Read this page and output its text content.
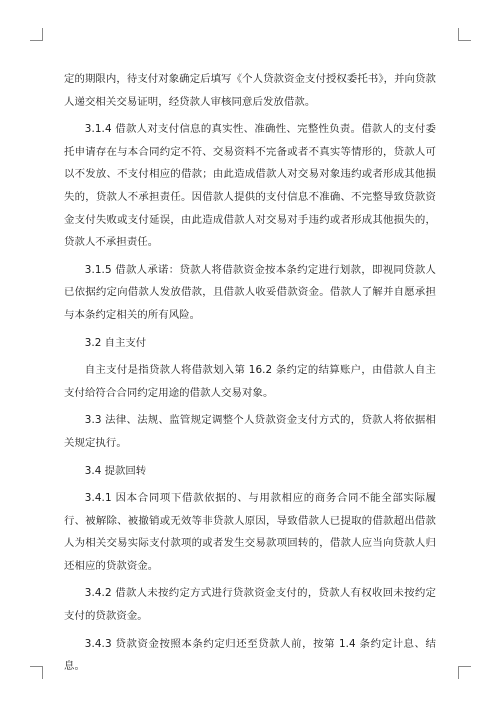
定的期限内，待支付对象确定后填写《个人贷款资金支付授权委托书》，并向贷款人递交相关交易证明，经贷款人审核同意后发放借款。

3.1.4 借款人对支付信息的真实性、准确性、完整性负责。借款人的支付委托申请存在与本合同约定不符、交易资料不完备或者不真实等情形的，贷款人可以不发放、不支付相应的借款；由此造成借款人对交易对象违约或者形成其他损失的，贷款人不承担责任。因借款人提供的支付信息不准确、不完整导致贷款资金支付失败或支付延误，由此造成借款人对交易对手违约或者形成其他损失的，贷款人不承担责任。

3.1.5 借款人承诺：贷款人将借款资金按本条约定进行划款，即视同贷款人已依据约定向借款人发放借款，且借款人收妥借款资金。借款人了解并自愿承担与本条约定相关的所有风险。

3.2 自主支付

自主支付是指贷款人将借款划入第 16.2 条约定的结算账户，由借款人自主支付给符合合同约定用途的借款人交易对象。

3.3 法律、法规、监管规定调整个人贷款资金支付方式的，贷款人将依据相关规定执行。

3.4 提款回转

3.4.1 因本合同项下借款依据的、与用款相应的商务合同不能全部实际履行、被解除、被撤销或无效等非贷款人原因，导致借款人已提取的借款超出借款人为相关交易实际支付款项的或者发生交易款项回转的，借款人应当向贷款人归还相应的贷款资金。

3.4.2 借款人未按约定方式进行贷款资金支付的，贷款人有权收回未按约定支付的贷款资金。

3.4.3 贷款资金按照本条约定归还至贷款人前，按第 1.4 条约定计息、结息。
